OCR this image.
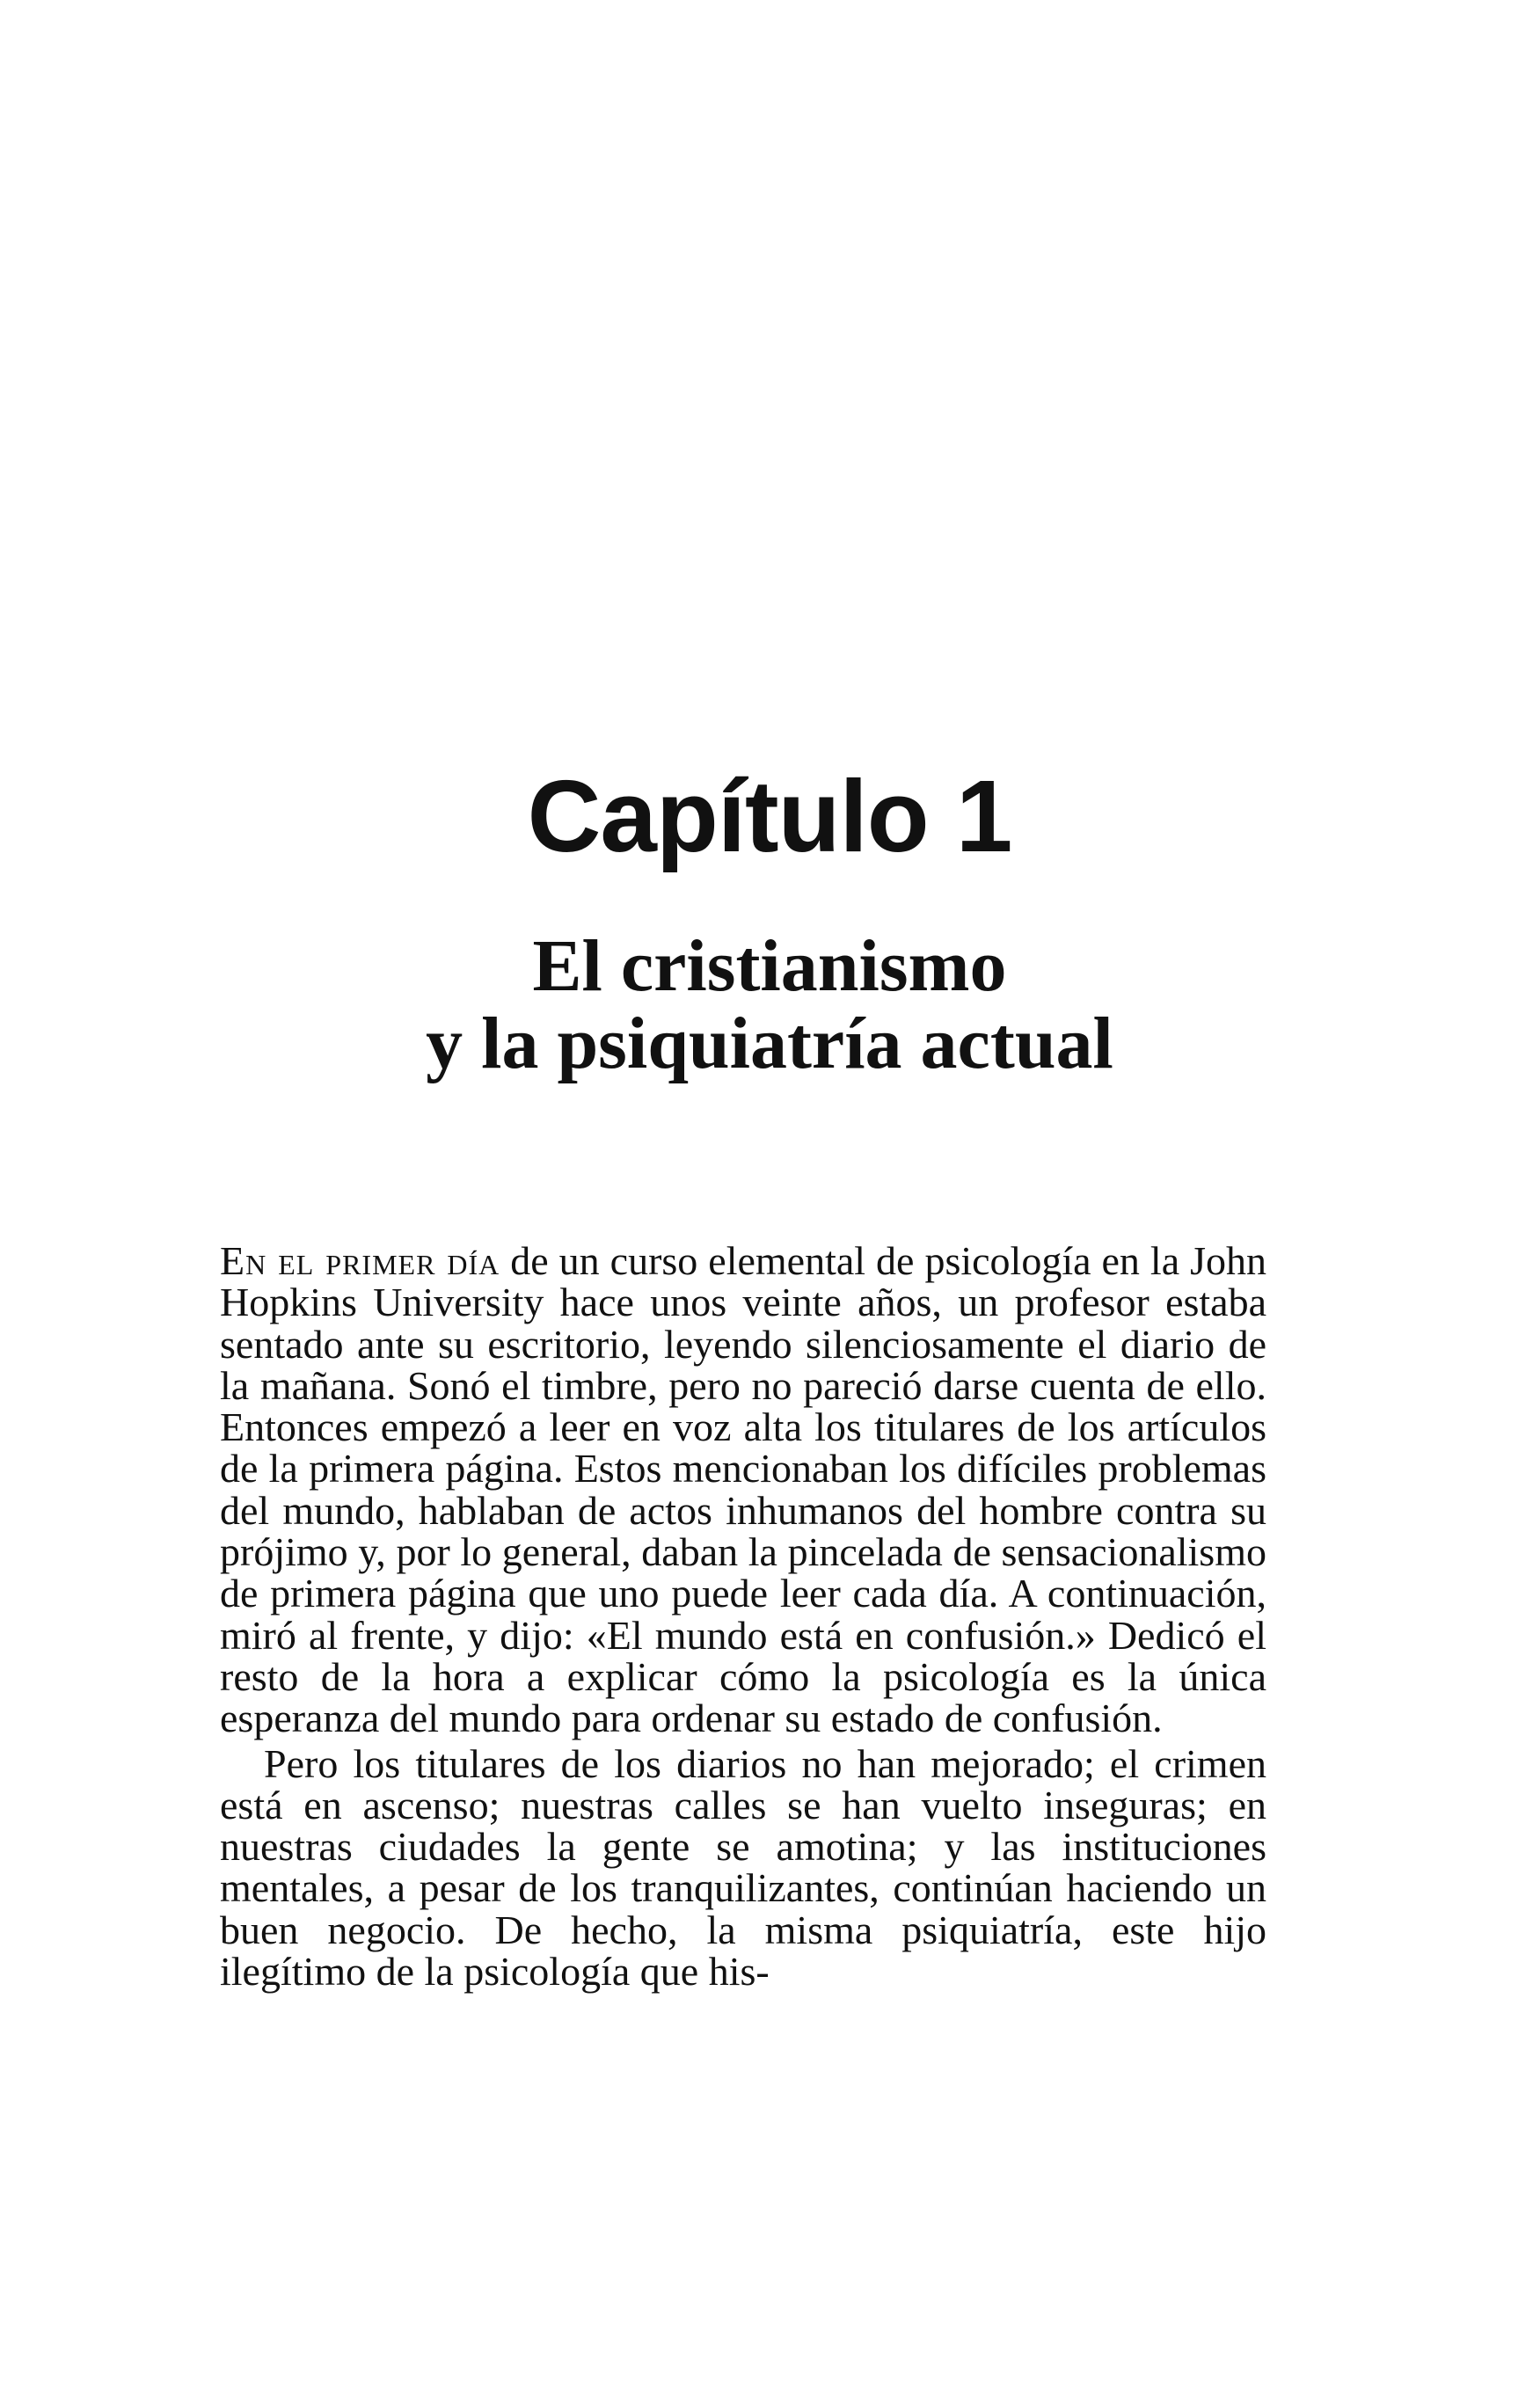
Capítulo 1
El cristianismo
y la psiquiatría actual

En el primer día de un curso elemental de psicología en la John Hopkins University hace unos veinte años, un profesor estaba sentado ante su escritorio, leyendo silenciosamente el diario de la mañana. Sonó el timbre, pero no pareció darse cuenta de ello. Entonces empezó a leer en voz alta los titulares de los artículos de la primera página. Estos mencionaban los difíciles problemas del mundo, hablaban de actos inhumanos del hombre contra su prójimo y, por lo general, daban la pincelada de sensacionalismo de primera página que uno puede leer cada día. A continuación, miró al frente, y dijo: «El mundo está en confusión.» Dedicó el resto de la hora a explicar cómo la psicología es la única esperanza del mundo para ordenar su estado de confusión.

Pero los titulares de los diarios no han mejorado; el crimen está en ascenso; nuestras calles se han vuelto inseguras; en nuestras ciudades la gente se amotina; y las instituciones mentales, a pesar de los tranquilizantes, continúan haciendo un buen negocio. De hecho, la misma psiquiatría, este hijo ilegítimo de la psicología que his-
